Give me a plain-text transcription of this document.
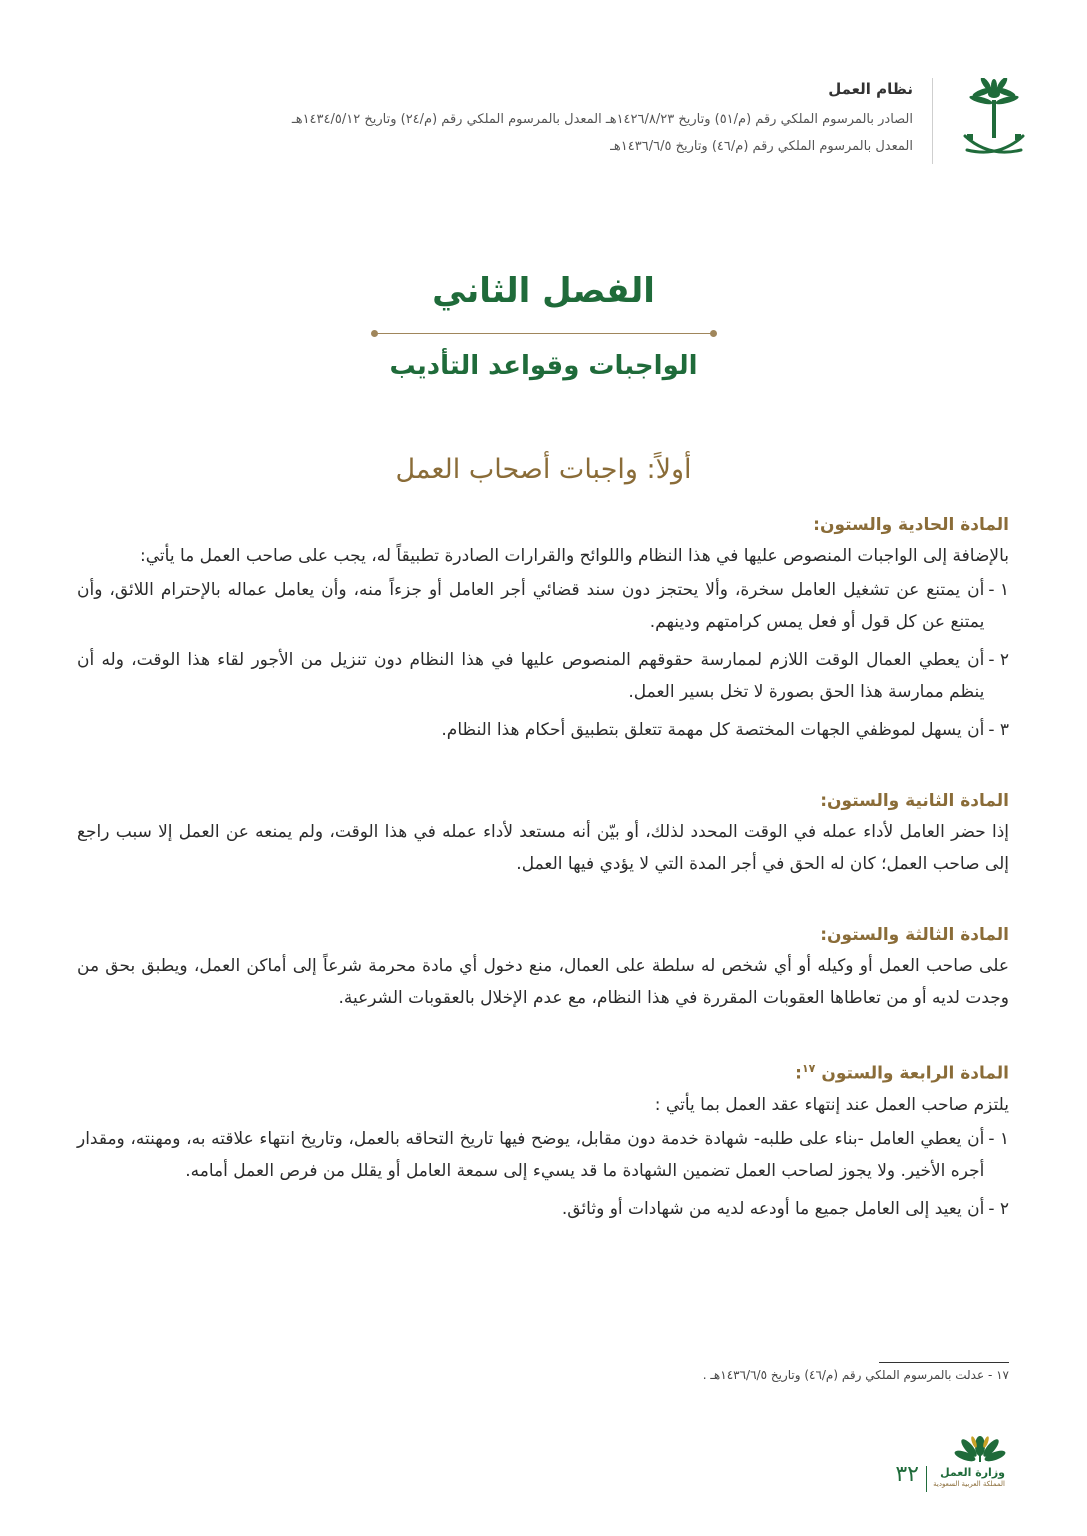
نظام العمل
الصادر بالمرسوم الملكي رقم (م/٥١) وتاريخ ١٤٢٦/٨/٢٣هـ المعدل بالمرسوم الملكي رقم (م/٢٤) وتاريخ ١٤٣٤/٥/١٢هـ
المعدل بالمرسوم الملكي رقم (م/٤٦) وتاريخ ١٤٣٦/٦/٥هـ
الفصل الثاني
الواجبات وقواعد التأديب
أولاً: واجبات أصحاب العمل
المادة الحادية والستون:

بالإضافة إلى الواجبات المنصوص عليها في هذا النظام واللوائح والقرارات الصادرة تطبيقاً له، يجب على صاحب العمل ما يأتي:

١ -
أن يمتنع عن تشغيل العامل سخرة، وألا يحتجز دون سند قضائي أجر العامل أو جزءاً منه، وأن يعامل عماله بالإحترام اللائق، وأن يمتنع عن كل قول أو فعل يمس كرامتهم ودينهم.
٢ -
أن يعطي العمال الوقت اللازم لممارسة حقوقهم المنصوص عليها في هذا النظام دون تنزيل من الأجور لقاء هذا الوقت، وله أن ينظم ممارسة هذا الحق بصورة لا تخل بسير العمل.
٣ -
أن يسهل لموظفي الجهات المختصة كل مهمة تتعلق بتطبيق أحكام هذا النظام.
المادة الثانية والستون:

إذا حضر العامل لأداء عمله في الوقت المحدد لذلك، أو بيّن أنه مستعد لأداء عمله في هذا الوقت، ولم يمنعه عن العمل إلا سبب راجع إلى صاحب العمل؛ كان له الحق في أجر المدة التي لا يؤدي فيها العمل.

المادة الثالثة والستون:

على صاحب العمل أو وكيله أو أي شخص له سلطة على العمال، منع دخول أي مادة محرمة شرعاً إلى أماكن العمل، ويطبق بحق من وجدت لديه أو من تعاطاها العقوبات المقررة في هذا النظام، مع عدم الإخلال بالعقوبات الشرعية.

المادة الرابعة والستون $^{١٧}$:

يلتزم صاحب العمل عند إنتهاء عقد العمل بما يأتي :

١ -
أن يعطي العامل -بناء على طلبه- شهادة خدمة دون مقابل، يوضح فيها تاريخ التحاقه بالعمل، وتاريخ انتهاء علاقته به، ومهنته، ومقدار أجره الأخير. ولا يجوز لصاحب العمل تضمين الشهادة ما قد يسيء إلى سمعة العامل أو يقلل من فرص العمل أمامه.
٢ -
أن يعيد إلى العامل جميع ما أودعه لديه من شهادات أو وثائق.
١٧ - عدلت بالمرسوم الملكي رقم (م/٤٦) وتاريخ ١٤٣٦/٦/٥هـ .
وزارة العمل
المملكة العربية السعودية
٣٢
